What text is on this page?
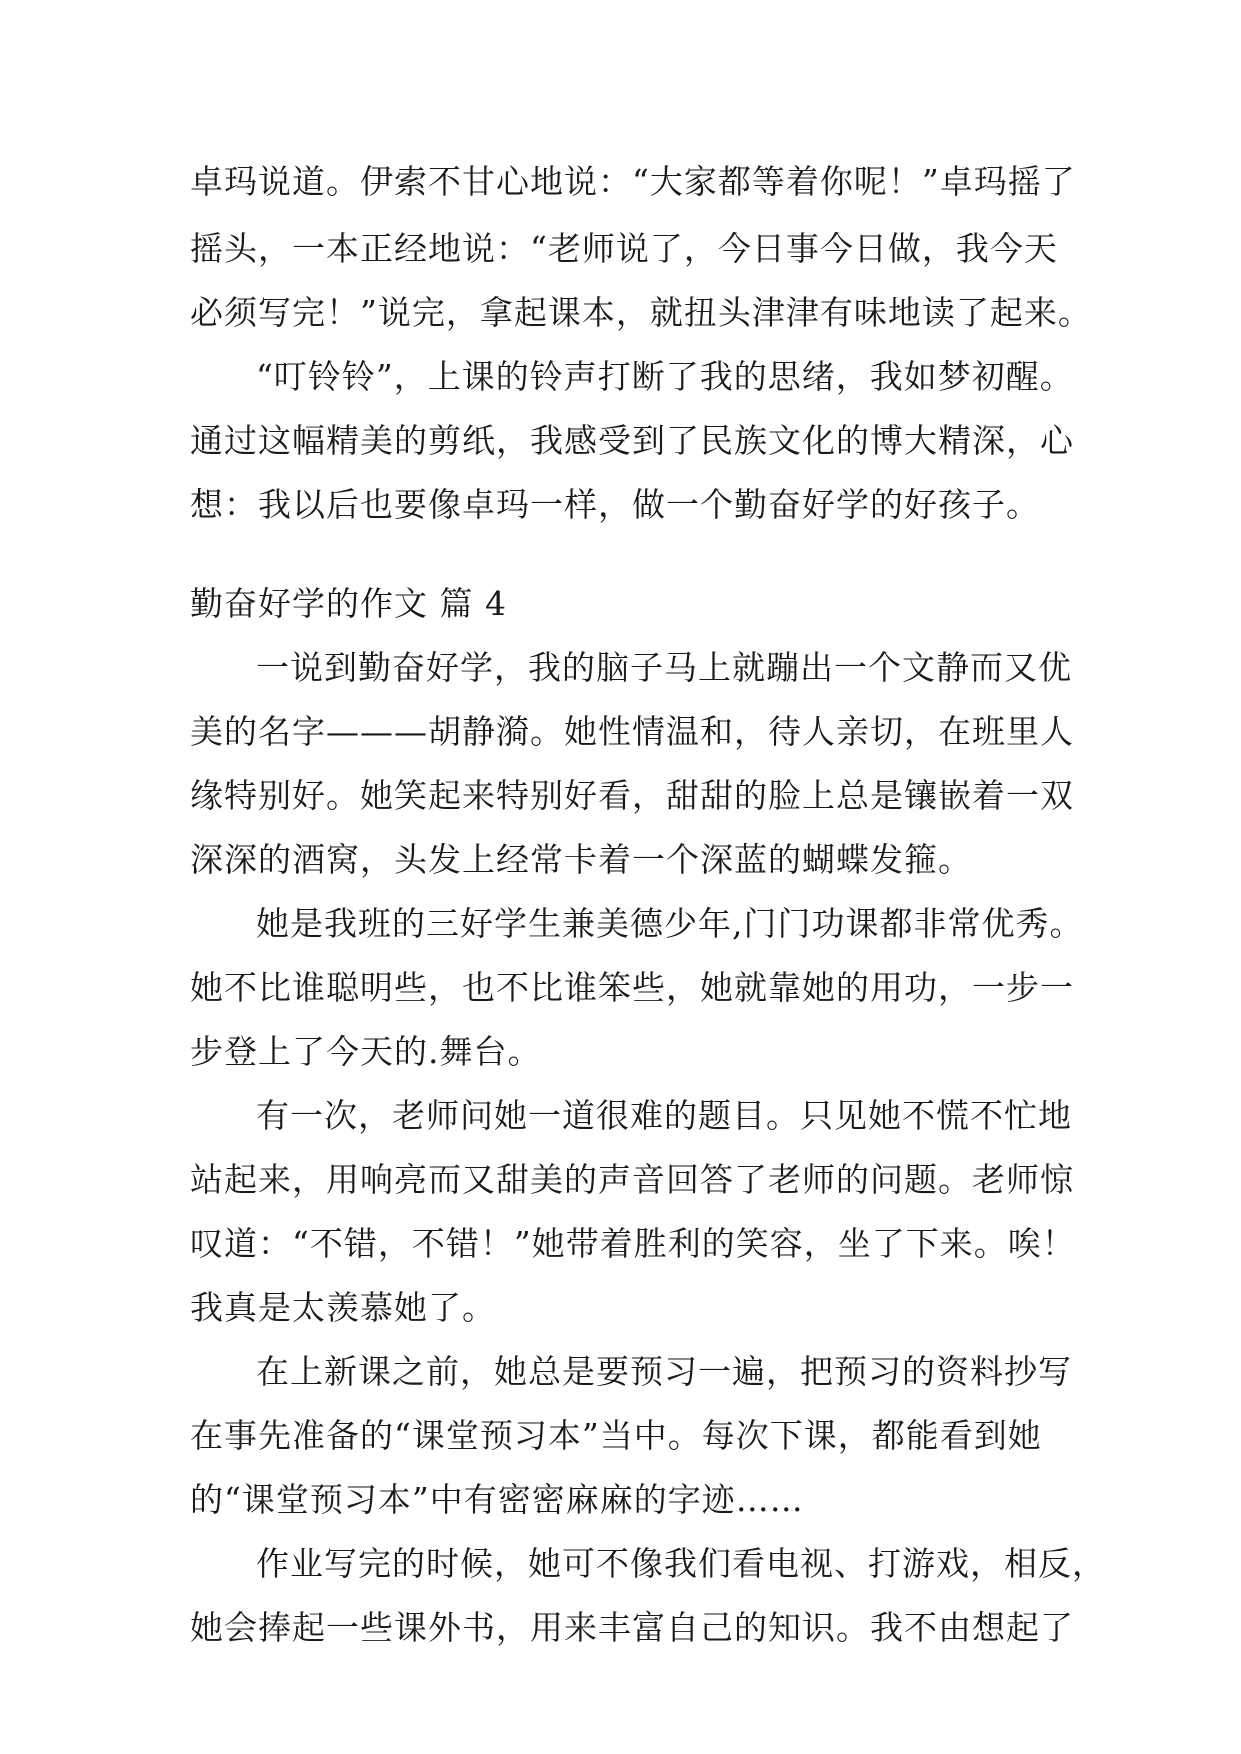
卓玛说道。伊索不甘心地说：“大家都等着你呢！”卓玛摇了
摇头，一本正经地说：“老师说了，今日事今日做，我今天
必须写完！”说完，拿起课本，就扭头津津有味地读了起来。
“叮铃铃”，上课的铃声打断了我的思绪，我如梦初醒。
通过这幅精美的剪纸，我感受到了民族文化的博大精深，心
想：我以后也要像卓玛一样，做一个勤奋好学的好孩子。
勤奋好学的作文 篇 4
一说到勤奋好学，我的脑子马上就蹦出一个文静而又优
美的名字———胡静漪。她性情温和，待人亲切，在班里人
缘特别好。她笑起来特别好看，甜甜的脸上总是镶嵌着一双
深深的酒窝，头发上经常卡着一个深蓝的蝴蝶发箍。
她是我班的三好学生兼美德少年,门门功课都非常优秀。
她不比谁聪明些，也不比谁笨些，她就靠她的用功，一步一
步登上了今天的.舞台。
有一次，老师问她一道很难的题目。只见她不慌不忙地
站起来，用响亮而又甜美的声音回答了老师的问题。老师惊
叹道：“不错，不错！”她带着胜利的笑容，坐了下来。唉！
我真是太羡慕她了。
在上新课之前，她总是要预习一遍，把预习的资料抄写
在事先准备的“课堂预习本”当中。每次下课，都能看到她
的“课堂预习本”中有密密麻麻的字迹……
作业写完的时候，她可不像我们看电视、打游戏，相反，
她会捧起一些课外书，用来丰富自己的知识。我不由想起了
